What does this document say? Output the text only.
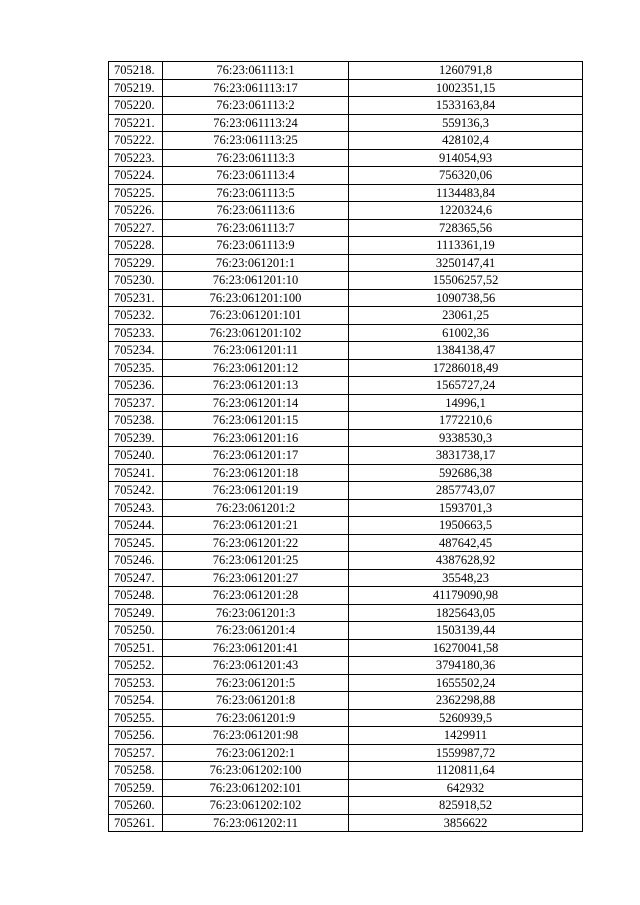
705218.	76:23:061113:1	1260791,8
705219.	76:23:061113:17	1002351,15
705220.	76:23:061113:2	1533163,84
705221.	76:23:061113:24	559136,3
705222.	76:23:061113:25	428102,4
705223.	76:23:061113:3	914054,93
705224.	76:23:061113:4	756320,06
705225.	76:23:061113:5	1134483,84
705226.	76:23:061113:6	1220324,6
705227.	76:23:061113:7	728365,56
705228.	76:23:061113:9	1113361,19
705229.	76:23:061201:1	3250147,41
705230.	76:23:061201:10	15506257,52
705231.	76:23:061201:100	1090738,56
705232.	76:23:061201:101	23061,25
705233.	76:23:061201:102	61002,36
705234.	76:23:061201:11	1384138,47
705235.	76:23:061201:12	17286018,49
705236.	76:23:061201:13	1565727,24
705237.	76:23:061201:14	14996,1
705238.	76:23:061201:15	1772210,6
705239.	76:23:061201:16	9338530,3
705240.	76:23:061201:17	3831738,17
705241.	76:23:061201:18	592686,38
705242.	76:23:061201:19	2857743,07
705243.	76:23:061201:2	1593701,3
705244.	76:23:061201:21	1950663,5
705245.	76:23:061201:22	487642,45
705246.	76:23:061201:25	4387628,92
705247.	76:23:061201:27	35548,23
705248.	76:23:061201:28	41179090,98
705249.	76:23:061201:3	1825643,05
705250.	76:23:061201:4	1503139,44
705251.	76:23:061201:41	16270041,58
705252.	76:23:061201:43	3794180,36
705253.	76:23:061201:5	1655502,24
705254.	76:23:061201:8	2362298,88
705255.	76:23:061201:9	5260939,5
705256.	76:23:061201:98	1429911
705257.	76:23:061202:1	1559987,72
705258.	76:23:061202:100	1120811,64
705259.	76:23:061202:101	642932
705260.	76:23:061202:102	825918,52
705261.	76:23:061202:11	3856622
